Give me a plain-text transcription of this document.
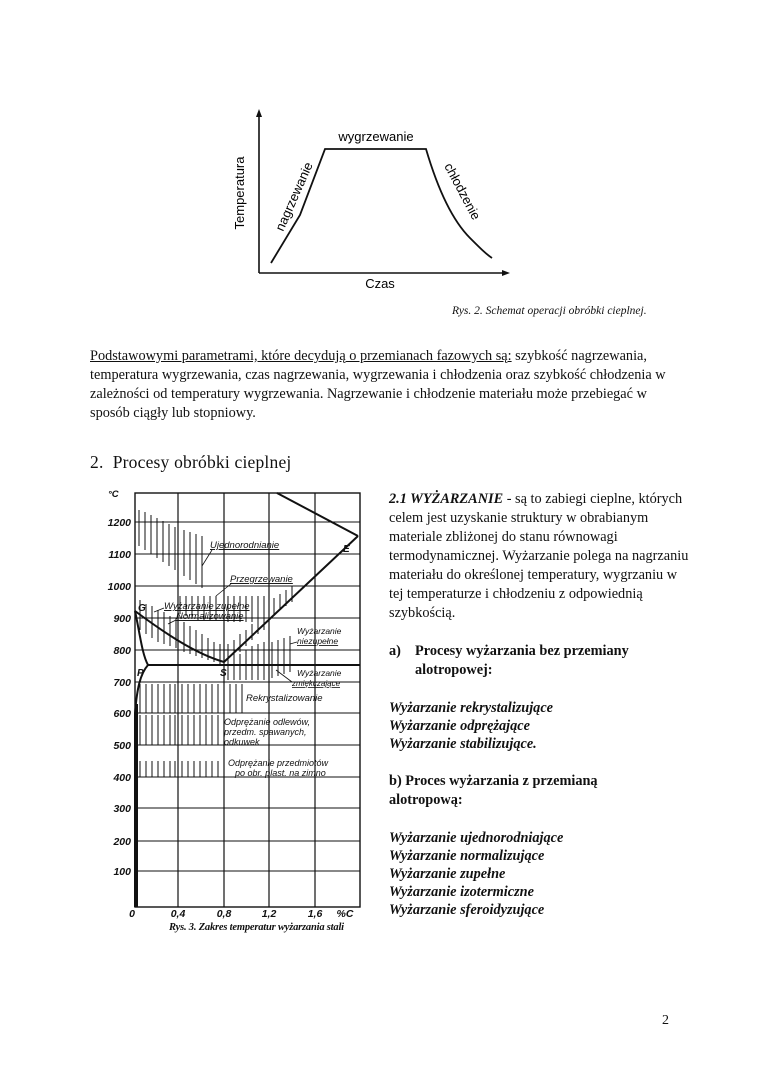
Temperatura
Czas
wygrzewanie
nagrzewanie	chłodzenie
Rys. 2. Schemat operacji obróbki cieplnej.
Podstawowymi parametrami, które decydują o przemianach fazowych są: szybkość nagrzewania, temperatura wygrzewania, czas nagrzewania, wygrzewania i chłodzenia oraz szybkość chłodzenia w zależności od temperatury wygrzewania. Nagrzewanie i chłodzenie materiału może przebiegać w sposób ciągły lub stopniowy.
2. Procesy obróbki cieplnej
°C
1200
1100
1000
900
800
700
600
500
400
300
200
100
0	0,4	0,8	1,2	1,6 %C
G
E
P	S
Ujednorodnianie
Przegrzewanie
Wyżarzanie zupełne
Normalizowanie
Wyżarzanie
niezupełne
Wyżarzanie
zmiękczające
Rekrystalizowanie
Odprężanie odlewów,
przedm. spawanych,
odkuwek
Odprężanie przedmiotów
po obr. plast. na zimno
Rys. 3. Zakres temperatur wyżarzania stali
2.1 WYŻARZANIE - są to zabiegi cieplne, których celem jest uzyskanie struktury w obrabianym materiale zbliżonej do stanu równowagi termodynamicznej. Wyżarzanie polega na nagrzaniu materiału do określonej temperatury, wygrzaniu w tej temperaturze i chłodzeniu z odpowiednią szybkością.
a) Procesy wyżarzania bez przemiany alotropowej:
Wyżarzanie rekrystalizujące
Wyżarzanie odprężające
Wyżarzanie stabilizujące.
b) Proces wyżarzania z przemianą alotropową:
Wyżarzanie ujednorodniające
Wyżarzanie normalizujące
Wyżarzanie zupełne
Wyżarzanie izotermiczne
Wyżarzanie sferoidyzujące
2
